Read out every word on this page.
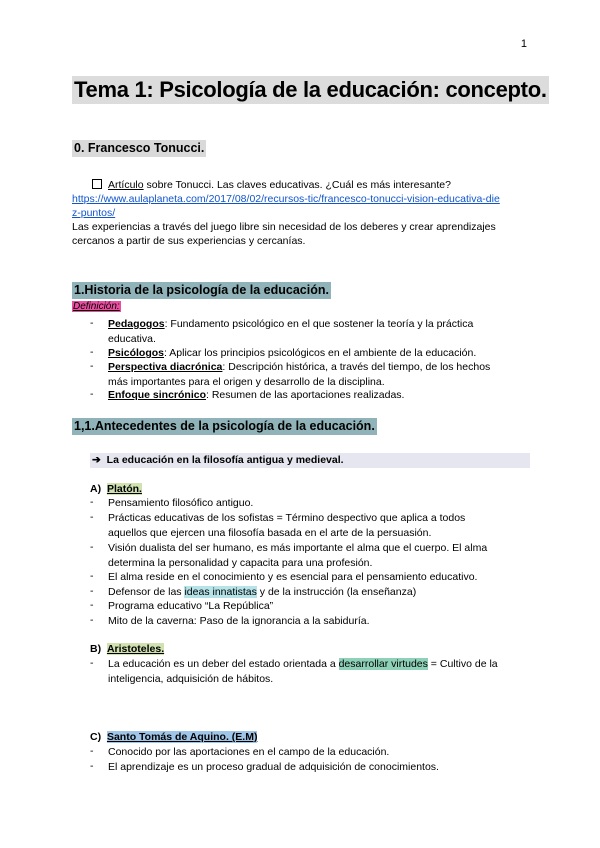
1
Tema 1: Psicología de la educación: concepto.
0. Francesco Tonucci.
Artículo sobre Tonucci. Las claves educativas. ¿Cuál es más interesante?
https://www.aulaplaneta.com/2017/08/02/recursos-tic/francesco-tonucci-vision-educativa-die
z-puntos/
Las experiencias a través del juego libre sin necesidad de los deberes y crear aprendizajes
cercanos a partir de sus experiencias y cercanías.
1.Historia de la psicología de la educación.
Definición:
- Pedagogos: Fundamento psicológico en el que sostener la teoría y la práctica
educativa.
- Psicólogos: Aplicar los principios psicológicos en el ambiente de la educación.
- Perspectiva diacrónica: Descripción histórica, a través del tiempo, de los hechos
más importantes para el origen y desarrollo de la disciplina.
- Enfoque sincrónico: Resumen de las aportaciones realizadas.
1,1.Antecedentes de la psicología de la educación.
➔ La educación en la filosofía antigua y medieval.
A) Platón.
- Pensamiento filosófico antiguo.
- Prácticas educativas de los sofistas = Término despectivo que aplica a todos
aquellos que ejercen una filosofía basada en el arte de la persuasión.
- Visión dualista del ser humano, es más importante el alma que el cuerpo. El alma
determina la personalidad y capacita para una profesión.
- El alma reside en el conocimiento y es esencial para el pensamiento educativo.
- Defensor de las ideas innatistas y de la instrucción (la enseñanza)
- Programa educativo “La República”
- Mito de la caverna: Paso de la ignorancia a la sabiduría.
B) Aristoteles.
- La educación es un deber del estado orientada a desarrollar virtudes = Cultivo de la
inteligencia, adquisición de hábitos.
C) Santo Tomás de Aquino. (E.M)
- Conocido por las aportaciones en el campo de la educación.
- El aprendizaje es un proceso gradual de adquisición de conocimientos.
